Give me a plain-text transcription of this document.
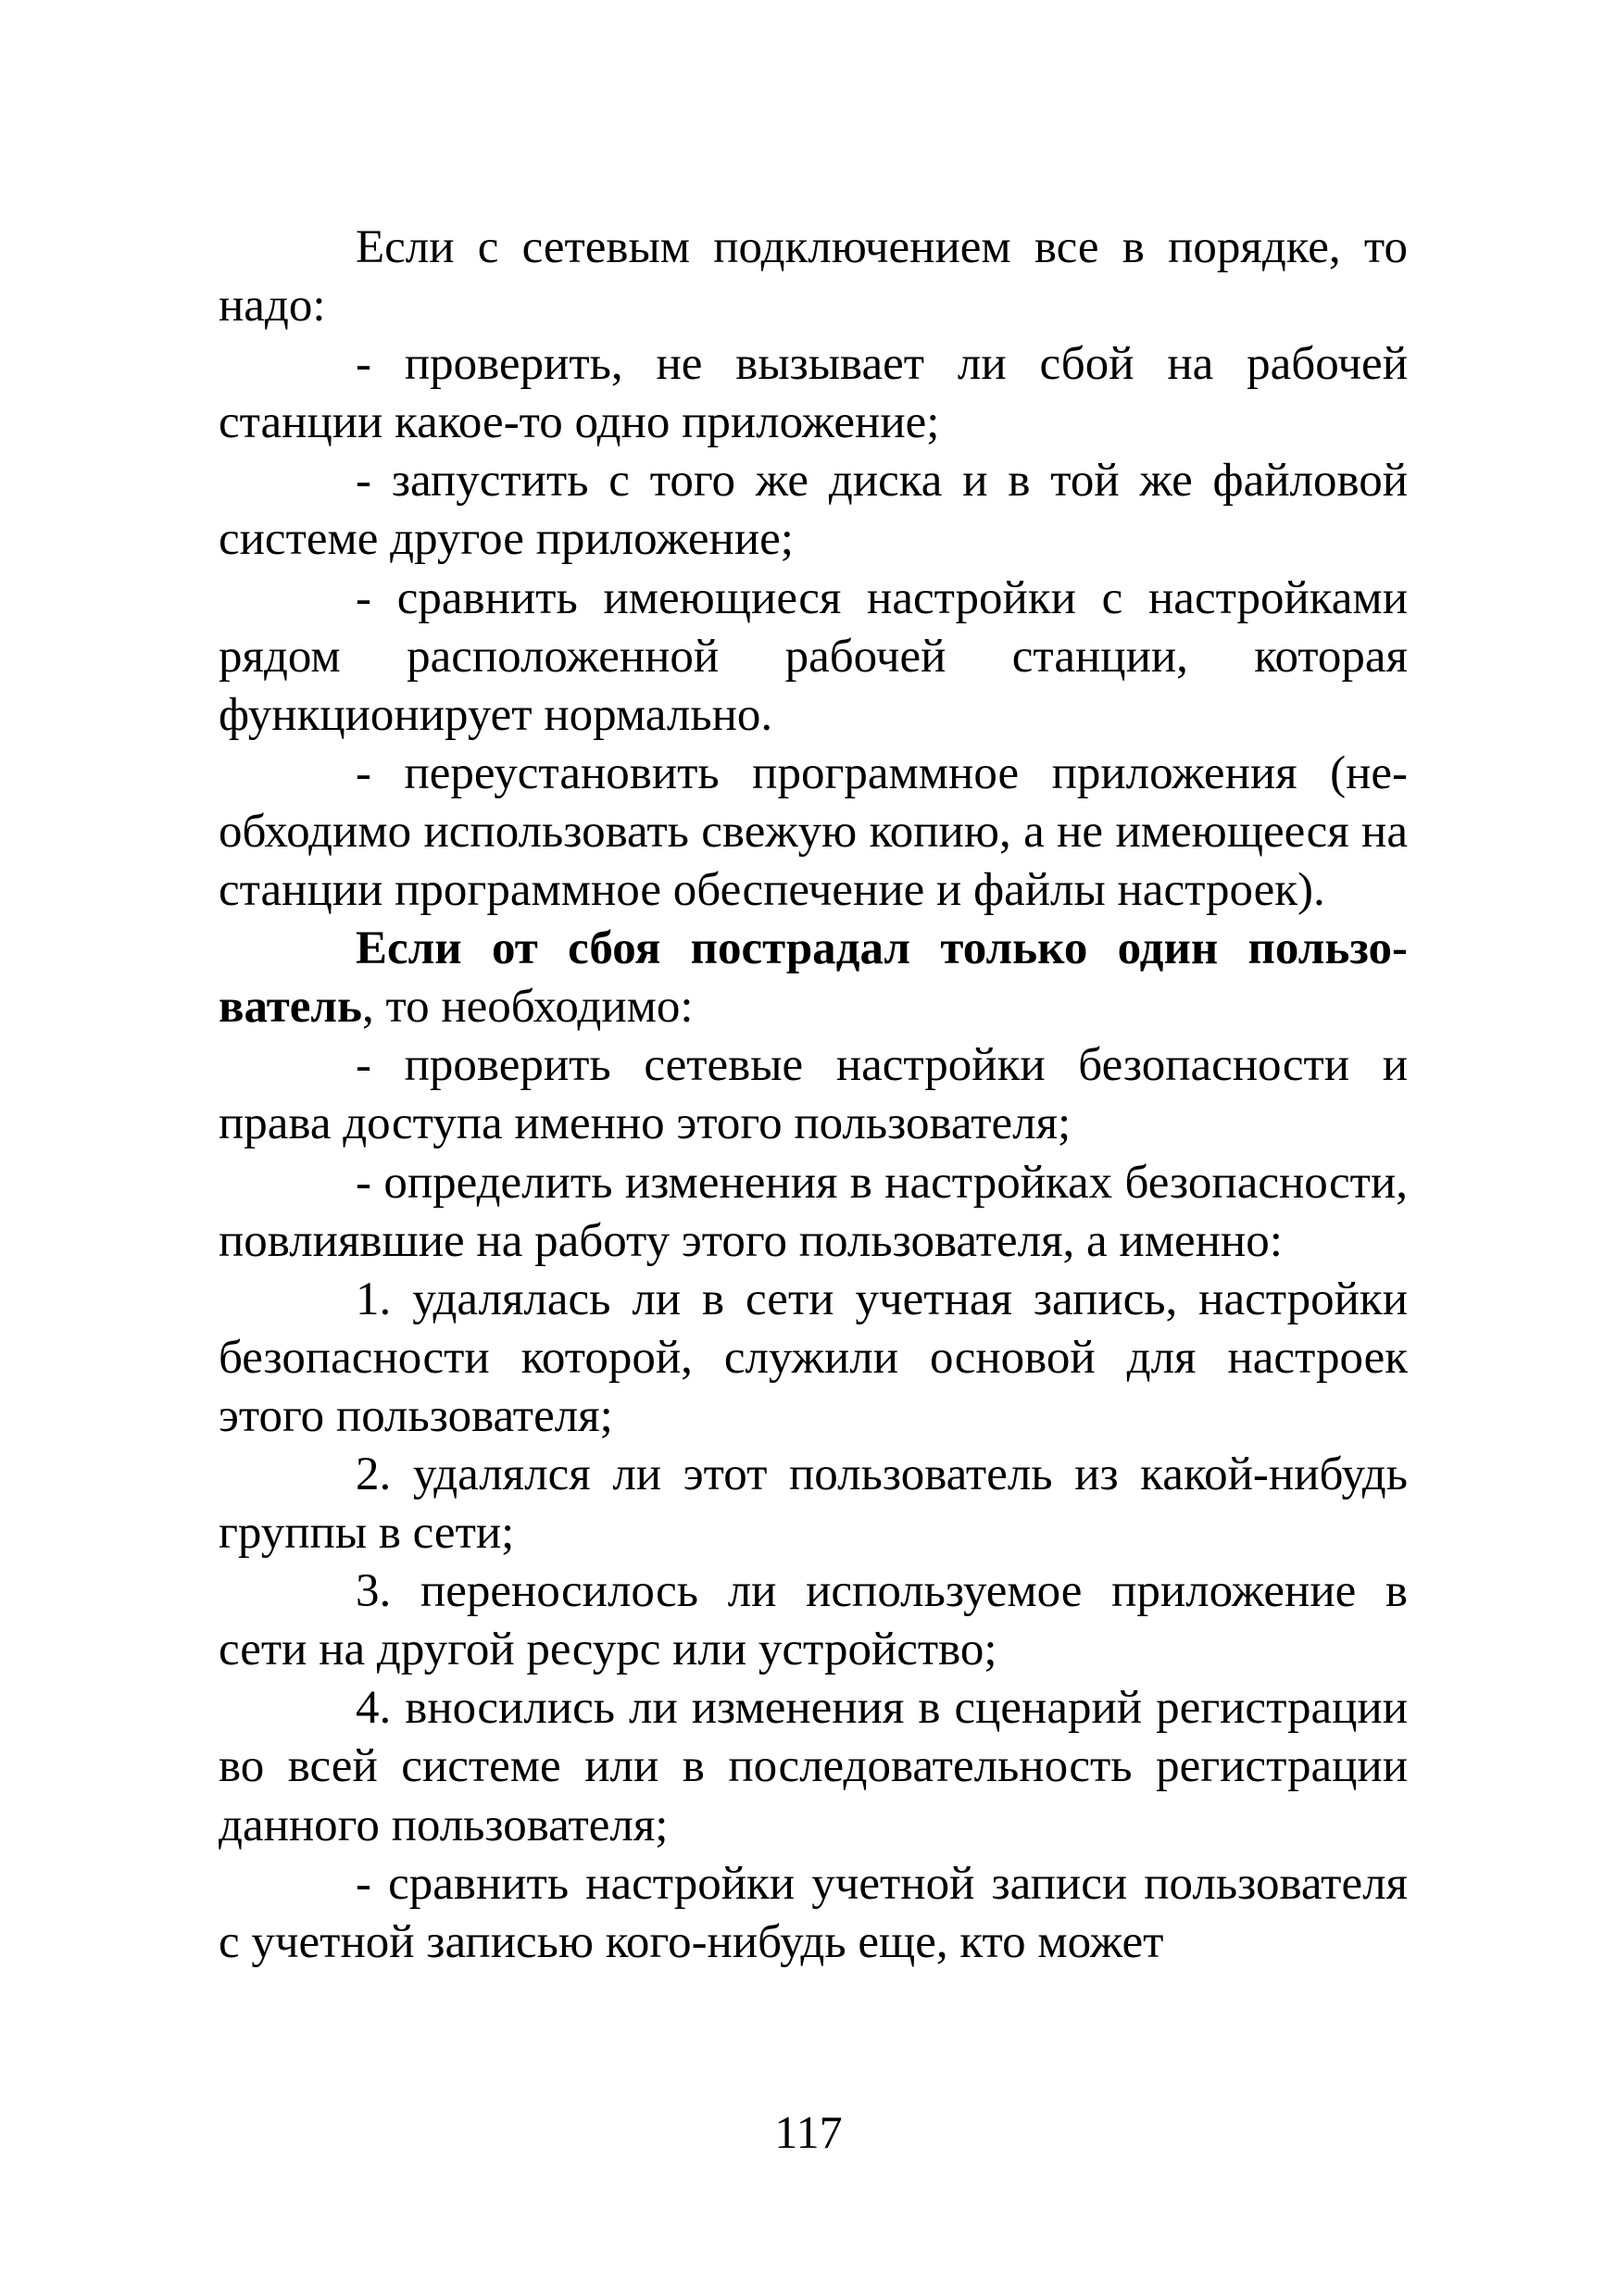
Если с сетевым подключением все в порядке, то надо:

- проверить, не вызывает ли сбой на рабочей станции какое-то одно приложение;

- запустить с того же диска и в той же файловой системе другое приложение;

- сравнить имеющиеся настройки с настройками рядом расположенной рабочей станции, которая функционирует нормально.

- переустановить программное приложения (необходимо использовать свежую копию, а не имеющееся на станции программное обеспечение и файлы настроек).

Если от сбоя пострадал только один пользователь, то необходимо:

- проверить сетевые настройки безопасности и права доступа именно этого пользователя;

- определить изменения в настройках безопасности, повлиявшие на работу этого пользователя, а именно:

1. удалялась ли в сети учетная запись, настройки безопасности которой, служили основой для настроек этого пользователя;

2. удалялся ли этот пользователь из какой-нибудь группы в сети;

3. переносилось ли используемое приложение в сети на другой ресурс или устройство;

4. вносились ли изменения в сценарий регистрации во всей системе или в последовательность регистрации данного пользователя;

- сравнить настройки учетной записи пользователя с учетной записью кого-нибудь еще, кто может

117
